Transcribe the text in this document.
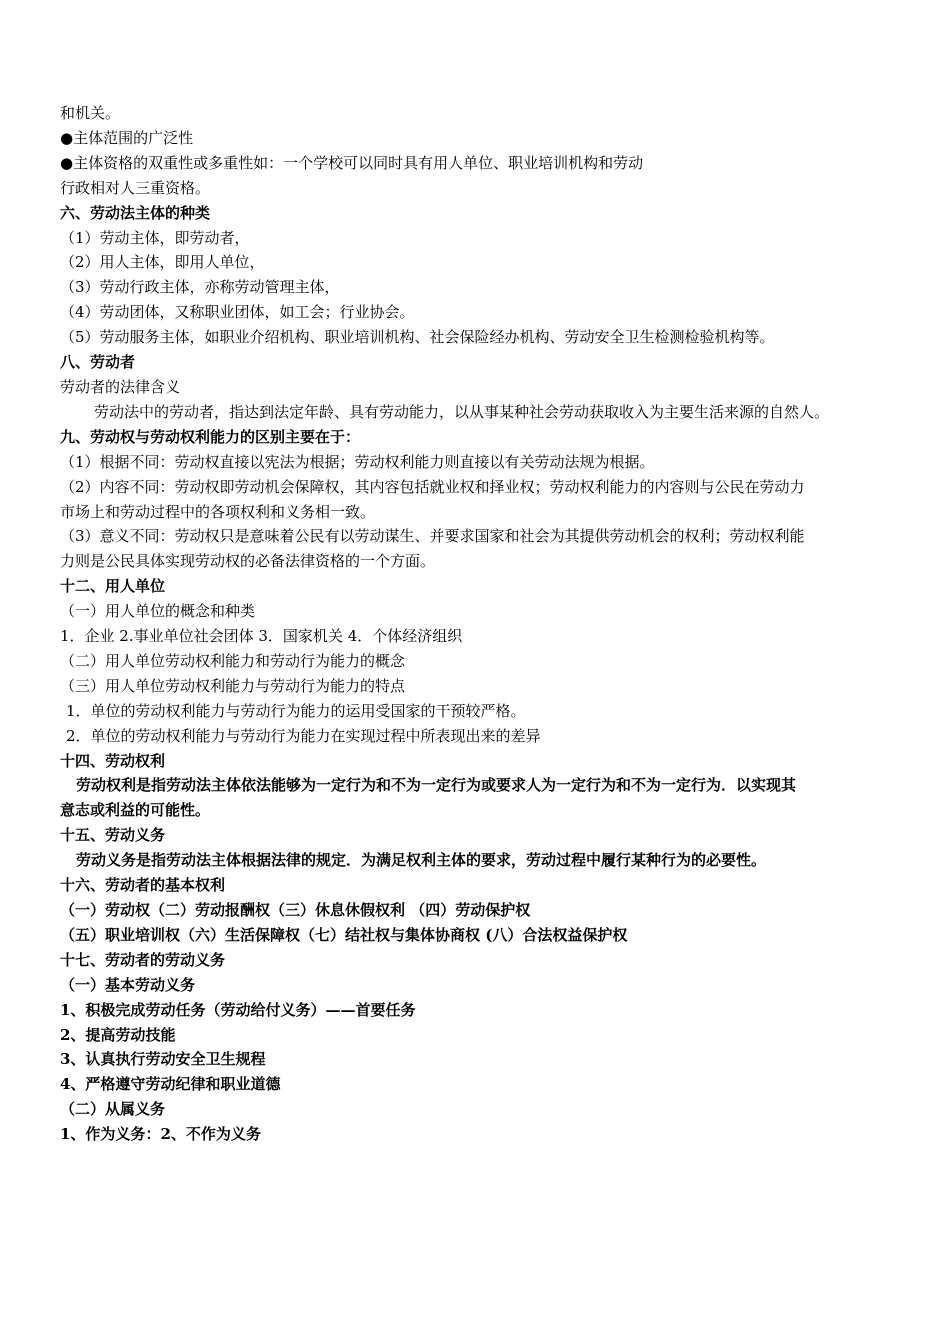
和机关。
●主体范围的广泛性
●主体资格的双重性或多重性如：一个学校可以同时具有用人单位、职业培训机构和劳动
行政相对人三重资格。
六、劳动法主体的种类
（1）劳动主体，即劳动者，
（2）用人主体，即用人单位，
（3）劳动行政主体，亦称劳动管理主体，
（4）劳动团体，又称职业团体，如工会；行业协会。
（5）劳动服务主体，如职业介绍机构、职业培训机构、社会保险经办机构、劳动安全卫生检测检验机构等。
八、劳动者
劳动者的法律含义
劳动法中的劳动者，指达到法定年龄、具有劳动能力，以从事某种社会劳动获取收入为主要生活来源的自然人。
九、劳动权与劳动权利能力的区别主要在于：
（1）根据不同：劳动权直接以宪法为根据；劳动权利能力则直接以有关劳动法规为根据。
（2）内容不同：劳动权即劳动机会保障权，其内容包括就业权和择业权；劳动权利能力的内容则与公民在劳动力
市场上和劳动过程中的各项权利和义务相一致。
（3）意义不同：劳动权只是意味着公民有以劳动谋生、并要求国家和社会为其提供劳动机会的权利；劳动权利能
力则是公民具体实现劳动权的必备法律资格的一个方面。
十二、用人单位
（一）用人单位的概念和种类
1．企业 2.事业单位社会团体 3．国家机关 4．个体经济组织
（二）用人单位劳动权利能力和劳动行为能力的概念
（三）用人单位劳动权利能力与劳动行为能力的特点
1．单位的劳动权利能力与劳动行为能力的运用受国家的干预较严格。
2．单位的劳动权利能力与劳动行为能力在实现过程中所表现出来的差异
十四、劳动权利
劳动权利是指劳动法主体依法能够为一定行为和不为一定行为或要求人为一定行为和不为一定行为．以实现其
意志或利益的可能性。
十五、劳动义务
劳动义务是指劳动法主体根据法律的规定．为满足权利主体的要求，劳动过程中履行某种行为的必要性。
十六、劳动者的基本权利
（一）劳动权（二）劳动报酬权（三）休息休假权利 （四）劳动保护权
（五）职业培训权（六）生活保障权（七）结社权与集体协商权 (八）合法权益保护权
十七、劳动者的劳动义务
（一）基本劳动义务
1、积极完成劳动任务（劳动给付义务）——首要任务
2、提高劳动技能
3、认真执行劳动安全卫生规程
4、严格遵守劳动纪律和职业道德
（二）从属义务
1、作为义务：2、不作为义务
